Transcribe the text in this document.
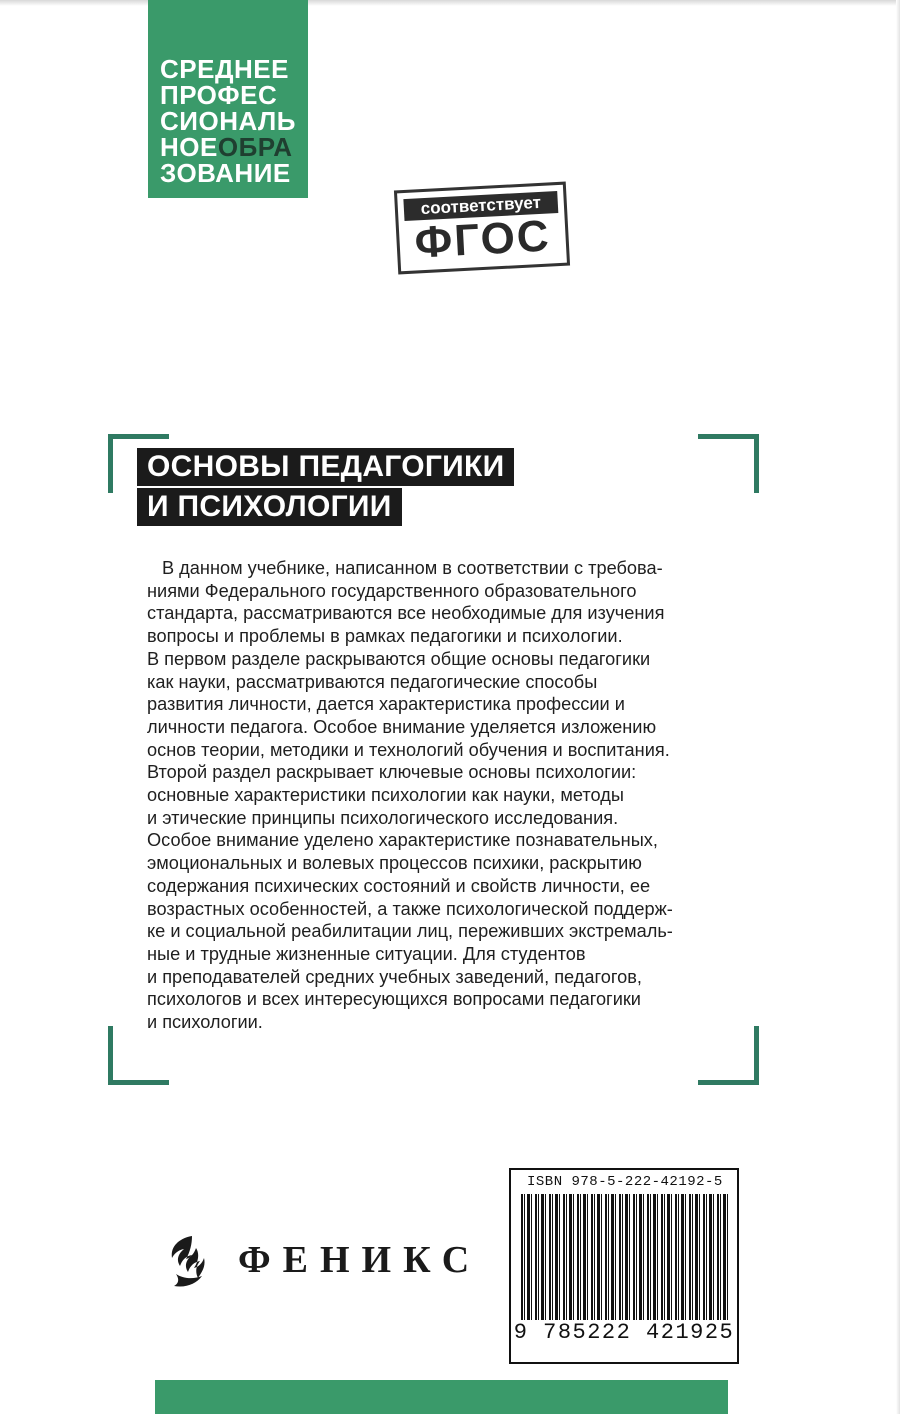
СРЕДНЕЕ
ПРОФЕС
СИОНАЛЬ
НОЕОБРА
ЗОВАНИЕ
соответствует
ФГОС
ОСНОВЫ ПЕДАГОГИКИ
И ПСИХОЛОГИИ
В данном учебнике, написанном в соответствии с требова-
ниями Федерального государственного образовательного
стандарта, рассматриваются все необходимые для изучения
вопросы и проблемы в рамках педагогики и психологии.
В первом разделе раскрываются общие основы педагогики
как науки, рассматриваются педагогические способы
развития личности, дается характеристика профессии и
личности педагога. Особое внимание уделяется изложению
основ теории, методики и технологий обучения и воспитания.
Второй раздел раскрывает ключевые основы психологии:
основные характеристики психологии как науки, методы
и этические принципы психологического исследования.
Особое внимание уделено характеристике познавательных,
эмоциональных и волевых процессов психики, раскрытию
содержания психических состояний и свойств личности, ее
возрастных особенностей, а также психологической поддерж-
ке и социальной реабилитации лиц, переживших экстремаль-
ные и трудные жизненные ситуации. Для студентов
и преподавателей средних учебных заведений, педагогов,
психологов и всех интересующихся вопросами педагогики
и психологии.
ISBN 978-5-222-42192-5
9 785222 421925
ФЕНИКС
